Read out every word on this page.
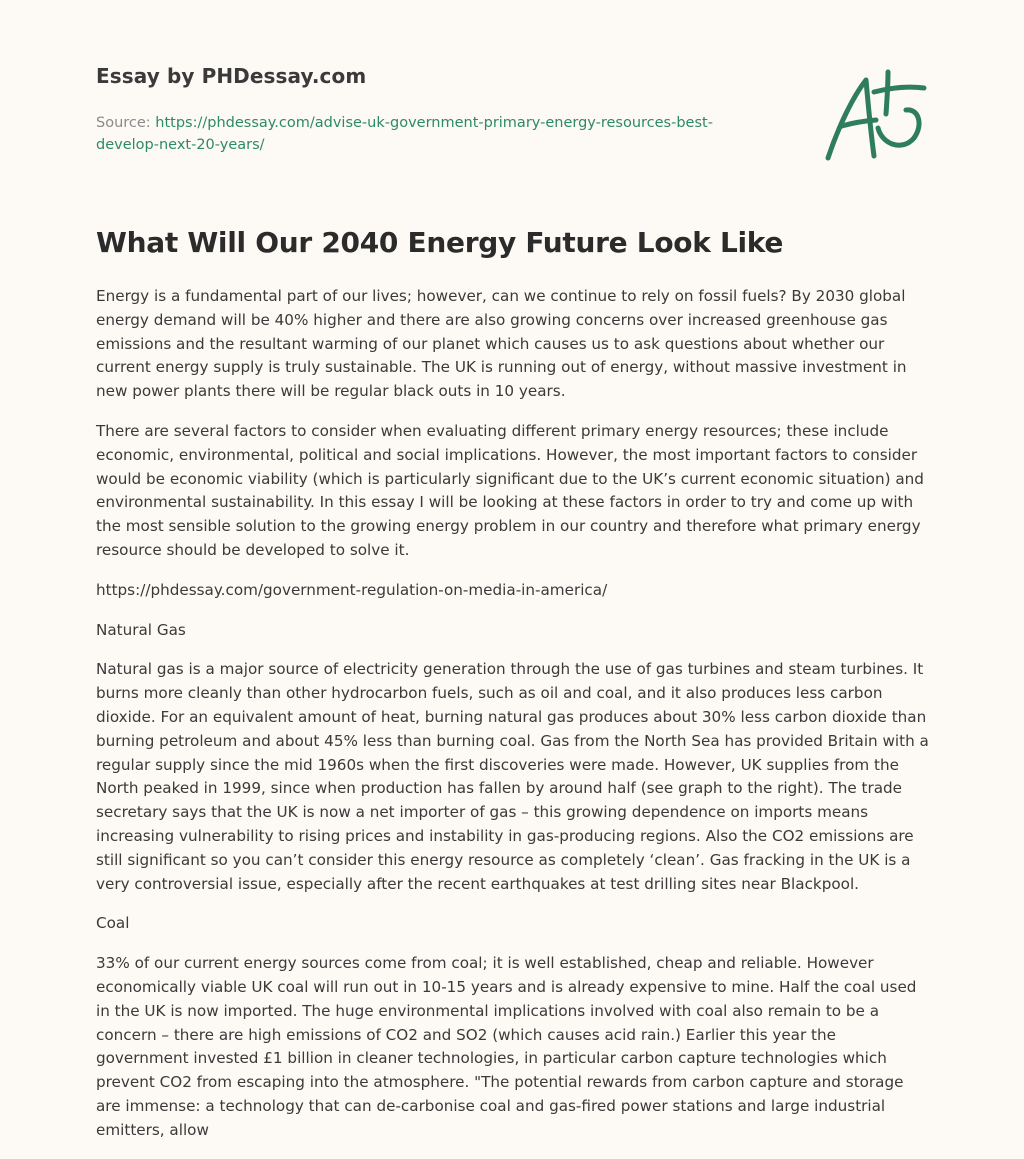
Essay by PHDessay.com
Source: https://phdessay.com/advise-uk-government-primary-energy-resources-best-develop-next-20-years/
What Will Our 2040 Energy Future Look Like

Energy is a fundamental part of our lives; however, can we continue to rely on fossil fuels? By 2030 global energy demand will be 40% higher and there are also growing concerns over increased greenhouse gas emissions and the resultant warming of our planet which causes us to ask questions about whether our current energy supply is truly sustainable. The UK is running out of energy, without massive investment in new power plants there will be regular black outs in 10 years.

There are several factors to consider when evaluating different primary energy resources; these include economic, environmental, political and social implications. However, the most important factors to consider would be economic viability (which is particularly significant due to the UK’s current economic situation) and environmental sustainability. In this essay I will be looking at these factors in order to try and come up with the most sensible solution to the growing energy problem in our country and therefore what primary energy resource should be developed to solve it.

https://phdessay.com/government-regulation-on-media-in-america/

Natural Gas

Natural gas is a major source of electricity generation through the use of gas turbines and steam turbines. It burns more cleanly than other hydrocarbon fuels, such as oil and coal, and it also produces less carbon dioxide. For an equivalent amount of heat, burning natural gas produces about 30% less carbon dioxide than burning petroleum and about 45% less than burning coal. Gas from the North Sea has provided Britain with a regular supply since the mid 1960s when the first discoveries were made. However, UK supplies from the North peaked in 1999, since when production has fallen by around half (see graph to the right). The trade secretary says that the UK is now a net importer of gas – this growing dependence on imports means increasing vulnerability to rising prices and instability in gas-producing regions. Also the CO2 emissions are still significant so you can’t consider this energy resource as completely ‘clean’. Gas fracking in the UK is a very controversial issue, especially after the recent earthquakes at test drilling sites near Blackpool.

Coal

33% of our current energy sources come from coal; it is well established, cheap and reliable. However economically viable UK coal will run out in 10-15 years and is already expensive to mine. Half the coal used in the UK is now imported. The huge environmental implications involved with coal also remain to be a concern – there are high emissions of CO2 and SO2 (which causes acid rain.) Earlier this year the government invested £1 billion in cleaner technologies, in particular carbon capture technologies which prevent CO2 from escaping into the atmosphere. "The potential rewards from carbon capture and storage are immense: a technology that can de-carbonise coal and gas-fired power stations and large industrial emitters, allow
